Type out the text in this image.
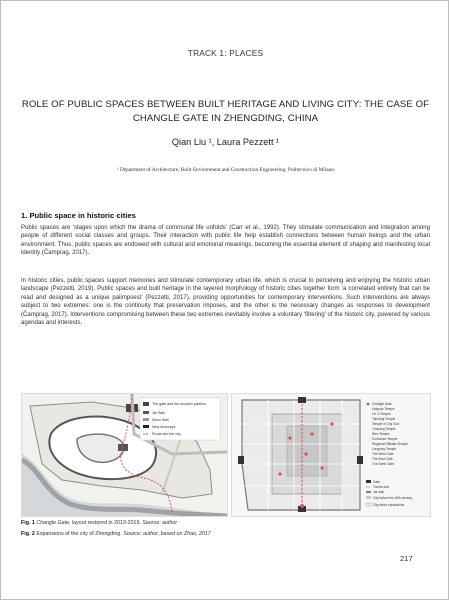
TRACK 1: PLACES
ROLE OF PUBLIC SPACES BETWEEN BUILT HERITAGE AND LIVING CITY: THE CASE OF CHANGLE GATE IN ZHENGDING, CHINA
Qian Liu ¹, Laura Pezzett ¹
¹ Department of Architecture, Built Environment and Construction Engineering, Politecnico di Milano
1. Public space in historic cities
Public spaces are ‘stages upon which the drama of communal life unfolds’ (Carr et al., 1992). They stimulate communication and integration among people of different social classes and groups. Their interaction with public life help establish connections between human beings and the urban environment. Thus, public spaces are endowed with cultural and emotional meanings, becoming the essential element of shaping and manifesting local identity (Čamprag, 2017).
In historic cities, public spaces support memories and stimulate contemporary urban life, which is crucial to perceiving and enjoying the historic urban landscape (Pezzetti, 2019). Public spaces and built heritage in the layered morphology of historic cities together form ‘a correlated entirety that can be read and designed as a unique palimpsest’ (Pezzetti, 2017), providing opportunities for contemporary interventions. Such interventions are always subject to two extremes: one is the continuity that preservation imposes, and the other is the necessary changes as responses to development (Čamprag, 2017). Interventions compromising between these two extremes inevitably involve a voluntary ‘filtering’ of the historic city, powered by various agendas and interests.
The gate and the wooden pavilion
Jar Wall
Moon Wall
New archways
Route into the city
Changle Gate
Kaiyuan Temple
Lin Ji Temple
Tianning Temple
Temple of City God
Yuhuang Temple
Wen Temple
Confucian Temple
Regional Officials Temple
Longxing Temple
The West Gate
The East Gate
The North Gate
Gate
Tourist axis
Jar wall
City before the 10th century
City fabric expansions
Fig. 1 Changle Gate, layout restored in 2013-2019. Source: author
Fig. 2 Expansions of the city of Zhengding. Source: author, based on Zhao, 2017
217
